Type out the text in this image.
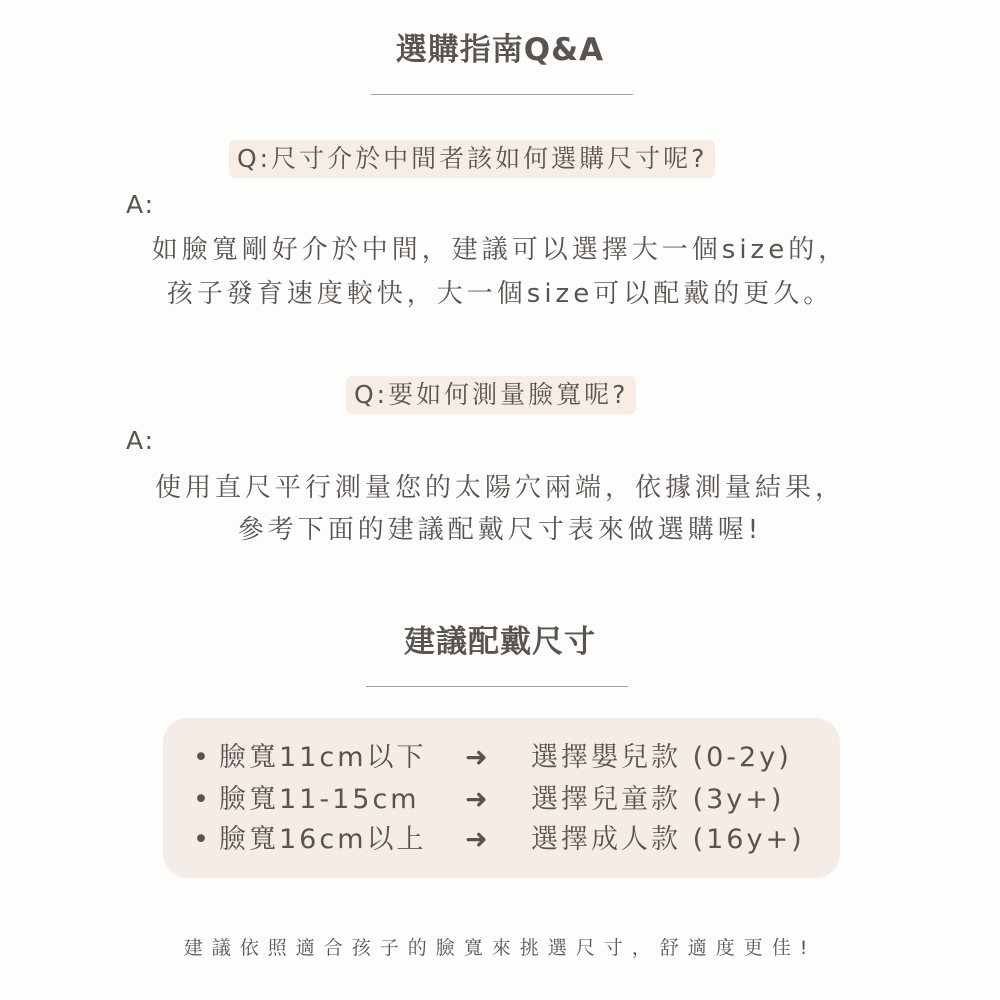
選購指南Q&A
Q:尺寸介於中間者該如何選購尺寸呢?
A:
如臉寬剛好介於中間，建議可以選擇大一個size的，
孩子發育速度較快，大一個size可以配戴的更久。
Q:要如何測量臉寬呢?
A:
使用直尺平行測量您的太陽穴兩端，依據測量結果，
參考下面的建議配戴尺寸表來做選購喔!
建議配戴尺寸
• 臉寬11cm以下 ➜ 選擇嬰兒款 (0-2y)
• 臉寬11-15cm ➜ 選擇兒童款 (3y+)
• 臉寬16cm以上 ➜ 選擇成人款 (16y+)
建議依照適合孩子的臉寬來挑選尺寸，舒適度更佳!
